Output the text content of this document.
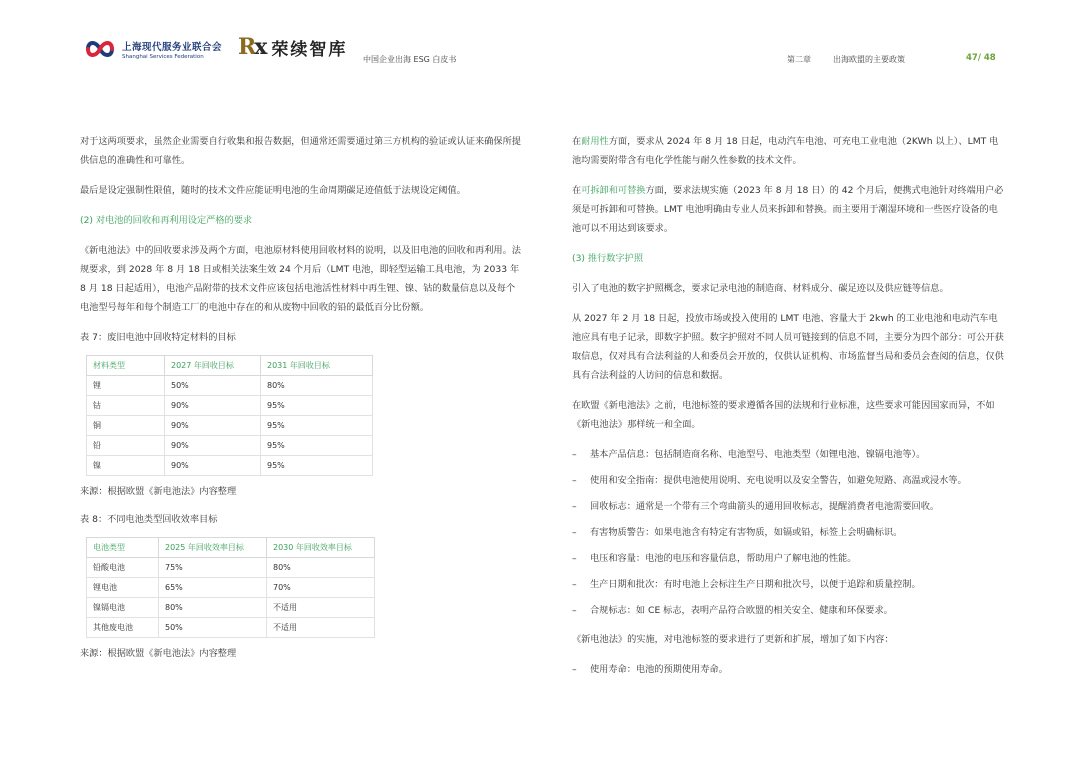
上海现代服务业联合会
Shanghai Services Federation	Rx 荣续智库 中国企业出海 ESG 白皮书	第二章	出海欧盟的主要政策	47/ 48

对于这两项要求，虽然企业需要自行收集和报告数据，但通常还需要通过第三方机构的验证或认证来确保所提供信息的准确性和可靠性。

最后是设定强制性限值，随时的技术文件应能证明电池的生命周期碳足迹值低于法规设定阈值。

(2) 对电池的回收和再利用设定严格的要求

《新电池法》中的回收要求涉及两个方面，电池原材料使用回收材料的说明，以及旧电池的回收和再利用。法规要求，到 2028 年 8 月 18 日或相关法案生效 24 个月后（LMT 电池，即轻型运输工具电池，为 2033 年 8 月 18 日起适用），电池产品附带的技术文件应该包括电池活性材料中再生锂、镍、钴的数量信息以及每个电池型号每年和每个制造工厂的电池中存在的和从废物中回收的铅的最低百分比份额。

表 7：废旧电池中回收特定材料的目标
材料类型	2027 年回收目标	2031 年回收目标
锂	50%	80%
钴	90%	95%
铜	90%	95%
铅	90%	95%
镍	90%	95%
来源：根据欧盟《新电池法》内容整理
表 8：不同电池类型回收效率目标
电池类型	2025 年回收效率目标	2030 年回收效率目标
铅酸电池	75%	80%
锂电池	65%	70%
镍镉电池	80%	不适用
其他废电池	50%	不适用
来源：根据欧盟《新电池法》内容整理

在耐用性方面，要求从 2024 年 8 月 18 日起，电动汽车电池、可充电工业电池（2KWh 以上）、LMT 电池均需要附带含有电化学性能与耐久性参数的技术文件。

在可拆卸和可替换方面，要求法规实施（2023 年 8 月 18 日）的 42 个月后，便携式电池针对终端用户必须是可拆卸和可替换。LMT 电池明确由专业人员来拆卸和替换。而主要用于潮湿环境和一些医疗设备的电池可以不用达到该要求。

(3) 推行数字护照

引入了电池的数字护照概念，要求记录电池的制造商、材料成分、碳足迹以及供应链等信息。

从 2027 年 2 月 18 日起，投放市场或投入使用的 LMT 电池、容量大于 2kwh 的工业电池和电动汽车电池应具有电子记录，即数字护照。数字护照对不同人员可链接到的信息不同，主要分为四个部分：可公开获取信息，仅对具有合法利益的人和委员会开放的，仅供认证机构、市场监督当局和委员会查阅的信息，仅供具有合法利益的人访问的信息和数据。

在欧盟《新电池法》之前，电池标签的要求遵循各国的法规和行业标准，这些要求可能因国家而异，不如《新电池法》那样统一和全面。

–	基本产品信息：包括制造商名称、电池型号、电池类型（如锂电池、镍镉电池等）。
–	使用和安全指南：提供电池使用说明、充电说明以及安全警告，如避免短路、高温或浸水等。
–	回收标志：通常是一个带有三个弯曲箭头的通用回收标志，提醒消费者电池需要回收。
–	有害物质警告：如果电池含有特定有害物质，如镉或铅，标签上会明确标识。
–	电压和容量：电池的电压和容量信息，帮助用户了解电池的性能。
–	生产日期和批次：有时电池上会标注生产日期和批次号，以便于追踪和质量控制。
–	合规标志：如 CE 标志，表明产品符合欧盟的相关安全、健康和环保要求。

《新电池法》的实施，对电池标签的要求进行了更新和扩展，增加了如下内容：

–	使用寿命：电池的预期使用寿命。
